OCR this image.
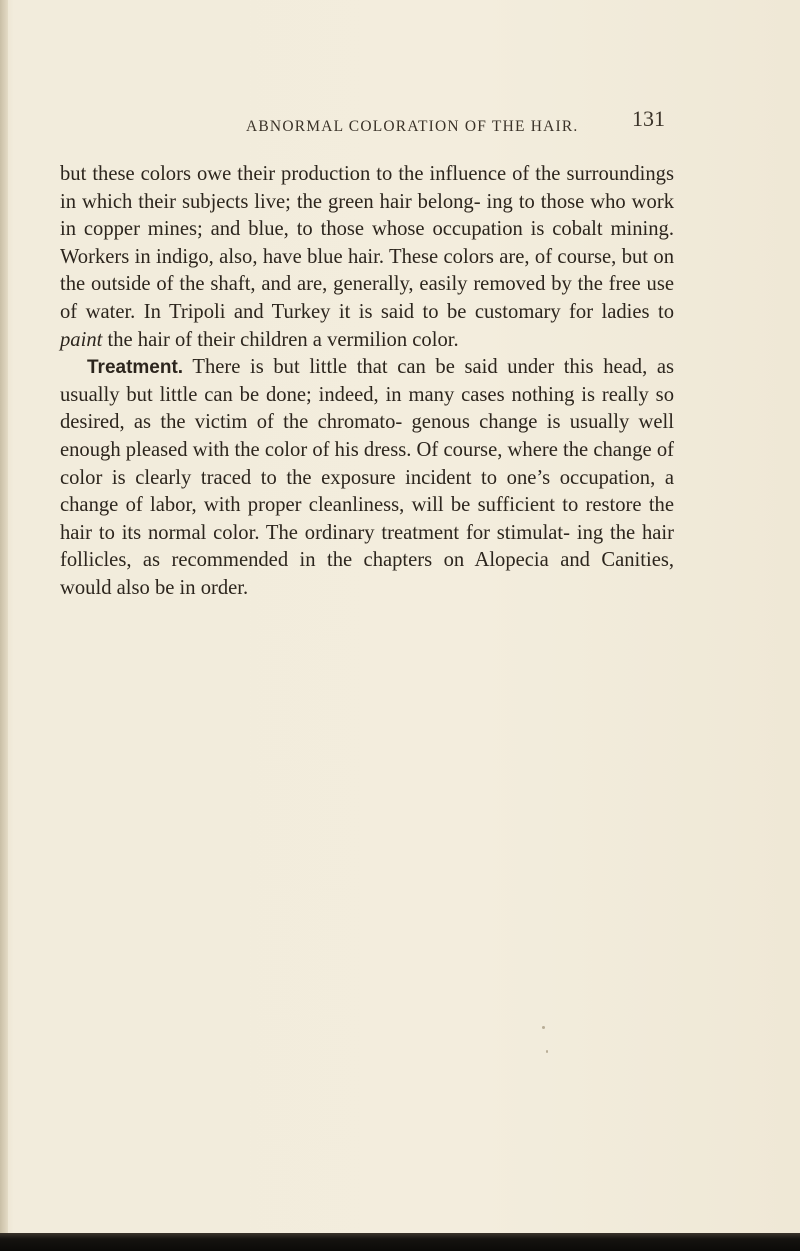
ABNORMAL COLORATION OF THE HAIR. 131

but these colors owe their production to the influence of the surroundings in which their subjects live; the green hair belong- ing to those who work in copper mines; and blue, to those whose occupation is cobalt mining. Workers in indigo, also, have blue hair. These colors are, of course, but on the outside of the shaft, and are, generally, easily removed by the free use of water. In Tripoli and Turkey it is said to be customary for ladies to paint the hair of their children a vermilion color.

Treatment. There is but little that can be said under this head, as usually but little can be done; indeed, in many cases nothing is really so desired, as the victim of the chromato- genous change is usually well enough pleased with the color of his dress. Of course, where the change of color is clearly traced to the exposure incident to one’s occupation, a change of labor, with proper cleanliness, will be sufficient to restore the hair to its normal color. The ordinary treatment for stimulat- ing the hair follicles, as recommended in the chapters on Alopecia and Canities, would also be in order.
